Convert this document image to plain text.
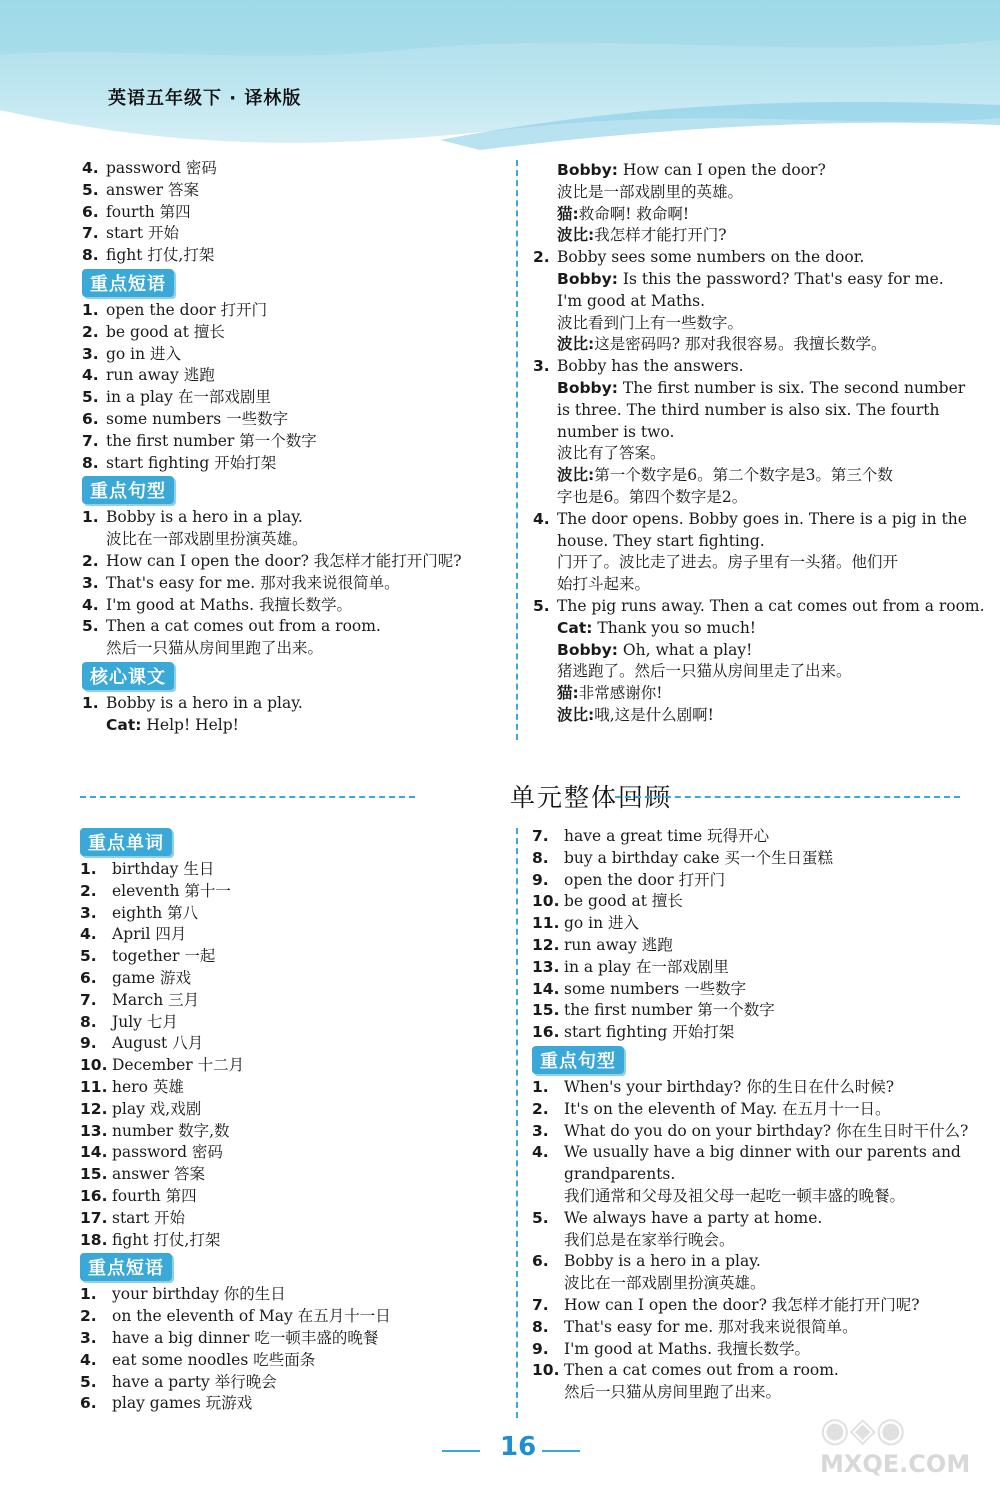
英语五年级下 · 译林版
4. password 密码
5. answer 答案
6. fourth 第四
7. start 开始
8. fight 打仗,打架
重点短语
1. open the door 打开门
2. be good at 擅长
3. go in 进入
4. run away 逃跑
5. in a play 在一部戏剧里
6. some numbers 一些数字
7. the first number 第一个数字
8. start fighting 开始打架
重点句型
1. Bobby is a hero in a play.
波比在一部戏剧里扮演英雄。
2. How can I open the door? 我怎样才能打开门呢?
3. That's easy for me. 那对我来说很简单。
4. I'm good at Maths. 我擅长数学。
5. Then a cat comes out from a room.
然后一只猫从房间里跑了出来。
核心课文
1. Bobby is a hero in a play.
Cat: Help! Help!
Bobby: How can I open the door?
波比是一部戏剧里的英雄。
猫:救命啊! 救命啊!
波比:我怎样才能打开门?
2. Bobby sees some numbers on the door.
Bobby: Is this the password? That's easy for me.
I'm good at Maths.
波比看到门上有一些数字。
波比:这是密码吗? 那对我很容易。我擅长数学。
3. Bobby has the answers.
Bobby: The first number is six. The second number
is three. The third number is also six. The fourth
number is two.
波比有了答案。
波比:第一个数字是6。第二个数字是3。第三个数
字也是6。第四个数字是2。
4. The door opens. Bobby goes in. There is a pig in the
house. They start fighting.
门开了。波比走了进去。房子里有一头猪。他们开
始打斗起来。
5. The pig runs away. Then a cat comes out from a room.
Cat: Thank you so much!
Bobby: Oh, what a play!
猪逃跑了。然后一只猫从房间里走了出来。
猫:非常感谢你!
波比:哦,这是什么剧啊!
单元整体回顾
重点单词
1. birthday 生日
2. eleventh 第十一
3. eighth 第八
4. April 四月
5. together 一起
6. game 游戏
7. March 三月
8. July 七月
9. August 八月
10. December 十二月
11. hero 英雄
12. play 戏,戏剧
13. number 数字,数
14. password 密码
15. answer 答案
16. fourth 第四
17. start 开始
18. fight 打仗,打架
重点短语
1. your birthday 你的生日
2. on the eleventh of May 在五月十一日
3. have a big dinner 吃一顿丰盛的晚餐
4. eat some noodles 吃些面条
5. have a party 举行晚会
6. play games 玩游戏
7. have a great time 玩得开心
8. buy a birthday cake 买一个生日蛋糕
9. open the door 打开门
10. be good at 擅长
11. go in 进入
12. run away 逃跑
13. in a play 在一部戏剧里
14. some numbers 一些数字
15. the first number 第一个数字
16. start fighting 开始打架
重点句型
1. When's your birthday? 你的生日在什么时候?
2. It's on the eleventh of May. 在五月十一日。
3. What do you do on your birthday? 你在生日时干什么?
4. We usually have a big dinner with our parents and
grandparents.
我们通常和父母及祖父母一起吃一顿丰盛的晚餐。
5. We always have a party at home.
我们总是在家举行晚会。
6. Bobby is a hero in a play.
波比在一部戏剧里扮演英雄。
7. How can I open the door? 我怎样才能打开门呢?
8. That's easy for me. 那对我来说很简单。
9. I'm good at Maths. 我擅长数学。
10. Then a cat comes out from a room.
然后一只猫从房间里跑了出来。
16	◉◈◉
MXQE.COM
